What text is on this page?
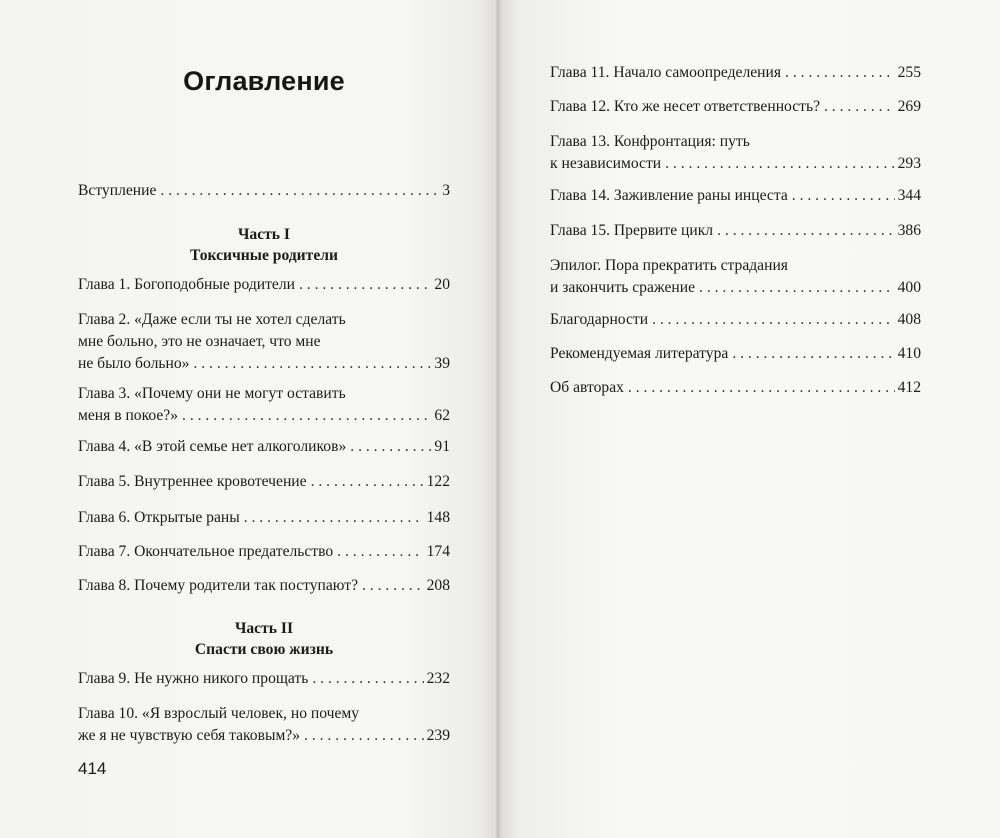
Оглавление
Вступление . . .	3
Часть I
Токсичные родители
Глава 1. Богоподобные родители . . .	20
Глава 2. «Даже если ты не хотел сделать
мне больно, это не означает, что мне
не было больно» . . .	39
Глава 3. «Почему они не могут оставить
меня в покое?» . . .	62
Глава 4. «В этой семье нет алкоголиков» . . .	91
Глава 5. Внутреннее кровотечение . . .	122
Глава 6. Открытые раны . . .	148
Глава 7. Окончательное предательство . . .	174
Глава 8. Почему родители так поступают? . . .	208
Часть II
Спасти свою жизнь
Глава 9. Не нужно никого прощать . . .	232
Глава 10. «Я взрослый человек, но почему
же я не чувствую себя таковым?» . . .	239
414
Глава 11. Начало самоопределения . . .	255
Глава 12. Кто же несет ответственность? . . .	269
Глава 13. Конфронтация: путь
к независимости . . .	293
Глава 14. Заживление раны инцеста . . .	344
Глава 15. Прервите цикл . . .	386
Эпилог. Пора прекратить страдания
и закончить сражение . . .	400
Благодарности . . .	408
Рекомендуемая литература . . .	410
Об авторах . . .	412
